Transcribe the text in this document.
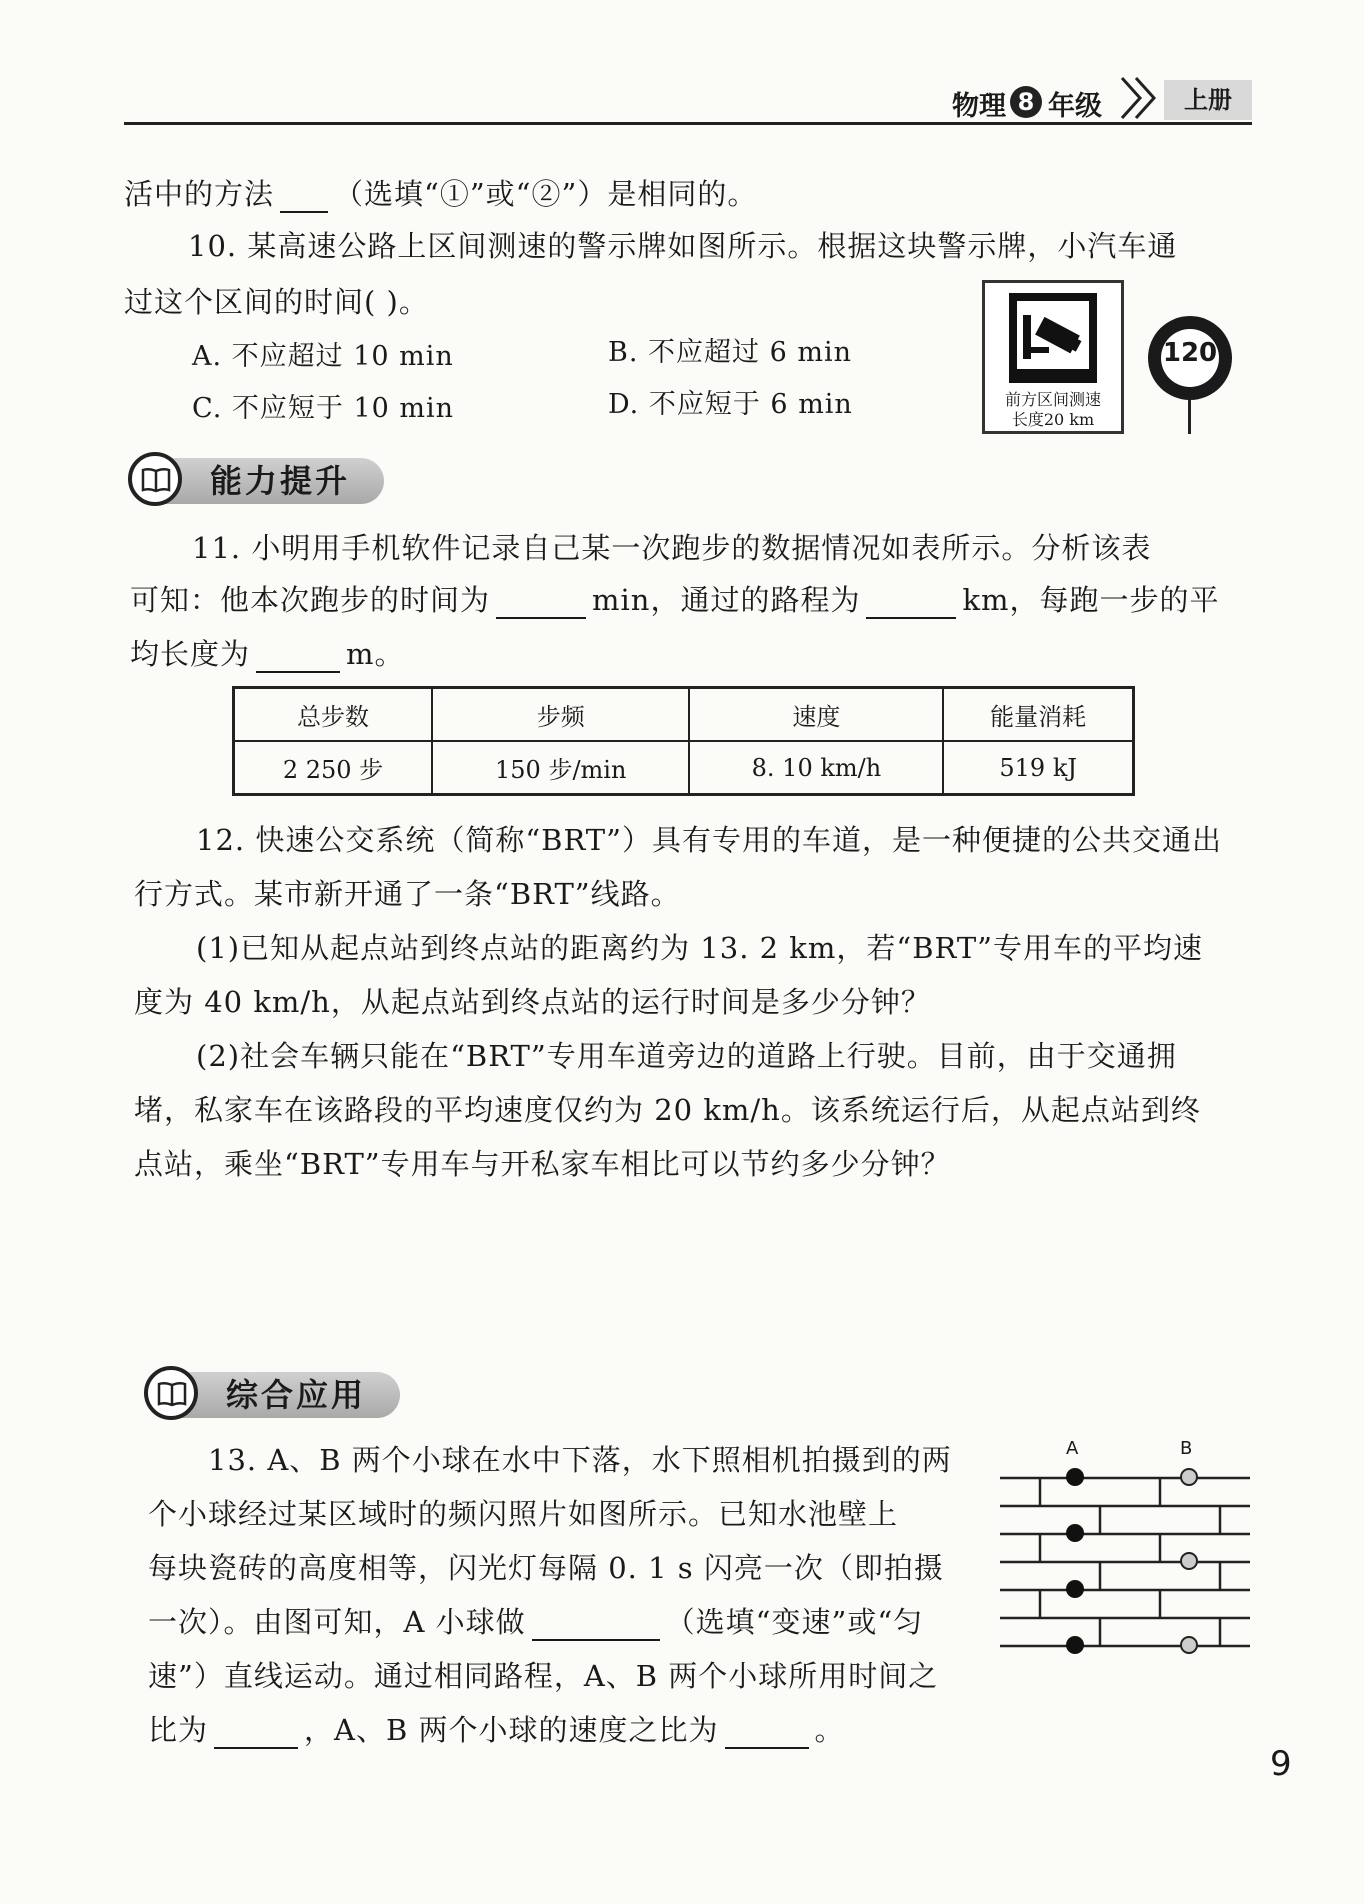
物理 8 年级	上册
活中的方法 （选填“①”或“②”）是相同的。
10. 某高速公路上区间测速的警示牌如图所示。根据这块警示牌，小汽车通
过这个区间的时间( )。
A. 不应超过 10 min	B. 不应超过 6 min
C. 不应短于 10 min	D. 不应短于 6 min	前方区间测速
长度20 km
120
能力提升
11. 小明用手机软件记录自己某一次跑步的数据情况如表所示。分析该表
可知：他本次跑步的时间为	min，通过的路程为	km，每跑一步的平
均长度为	m。
总步数	步频	速度	能量消耗
2 250 步	150 步/min	8. 10 km/h	519 kJ
12. 快速公交系统（简称“BRT”）具有专用的车道，是一种便捷的公共交通出
行方式。某市新开通了一条“BRT”线路。
(1)已知从起点站到终点站的距离约为 13. 2 km，若“BRT”专用车的平均速
度为 40 km/h，从起点站到终点站的运行时间是多少分钟？
(2)社会车辆只能在“BRT”专用车道旁边的道路上行驶。目前，由于交通拥
堵，私家车在该路段的平均速度仅约为 20 km/h。该系统运行后，从起点站到终
点站，乘坐“BRT”专用车与开私家车相比可以节约多少分钟？
综合应用
13. A、B 两个小球在水中下落，水下照相机拍摄到的两
个小球经过某区域时的频闪照片如图所示。已知水池壁上
每块瓷砖的高度相等，闪光灯每隔 0. 1 s 闪亮一次（即拍摄
一次）。由图可知，A 小球做	（选填“变速”或“匀
速”）直线运动。通过相同路程，A、B 两个小球所用时间之
比为	，A、B 两个小球的速度之比为	。
A	B
9
